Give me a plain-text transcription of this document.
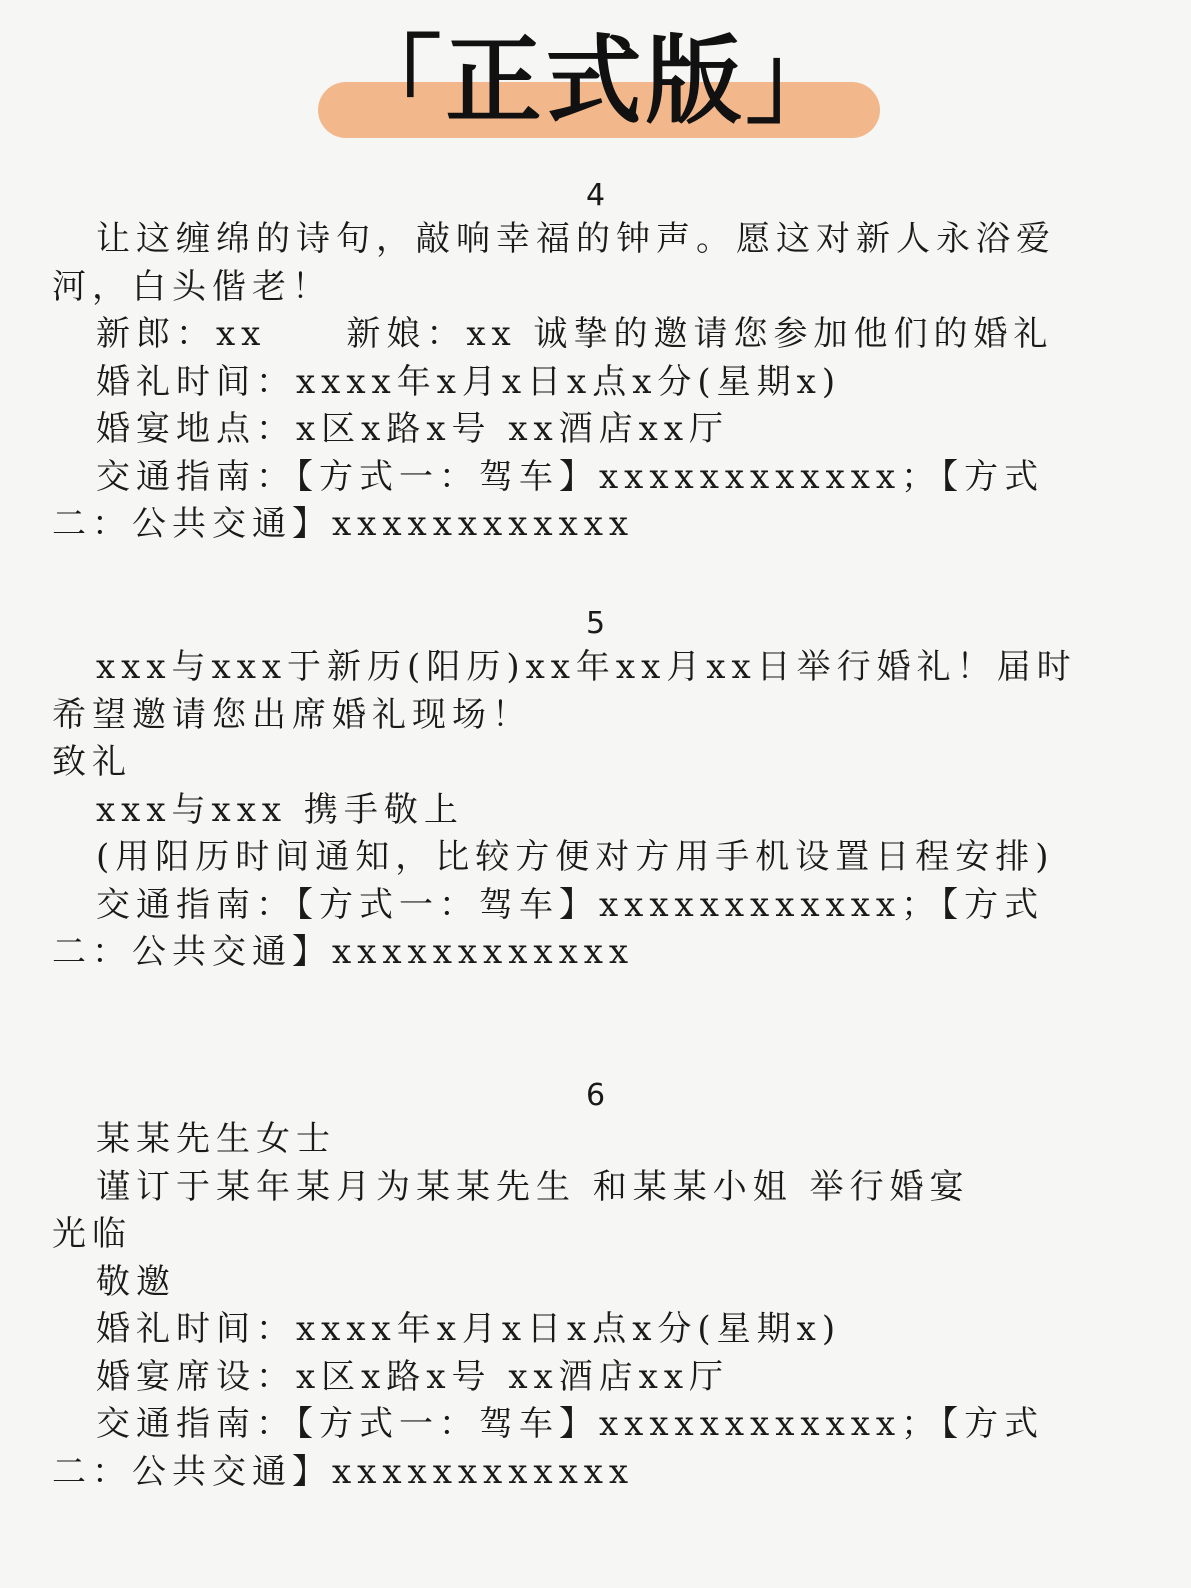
「正式版」
4
让这缠绵的诗句，敲响幸福的钟声。愿这对新人永浴爱
河，白头偕老！
新郎：xx　　新娘：xx 诚挚的邀请您参加他们的婚礼
婚礼时间：xxxx年x月x日x点x分(星期x)
婚宴地点：x区x路x号 xx酒店xx厅
交通指南：【方式一：驾车】xxxxxxxxxxxx；【方式
二：公共交通】xxxxxxxxxxxx
5
xxx与xxx于新历(阳历)xx年xx月xx日举行婚礼！届时
希望邀请您出席婚礼现场！
致礼
xxx与xxx 携手敬上
(用阳历时间通知，比较方便对方用手机设置日程安排)
交通指南：【方式一：驾车】xxxxxxxxxxxx；【方式
二：公共交通】xxxxxxxxxxxx
6
某某先生女士
谨订于某年某月为某某先生 和某某小姐 举行婚宴
光临
敬邀
婚礼时间：xxxx年x月x日x点x分(星期x)
婚宴席设：x区x路x号 xx酒店xx厅
交通指南：【方式一：驾车】xxxxxxxxxxxx；【方式
二：公共交通】xxxxxxxxxxxx
